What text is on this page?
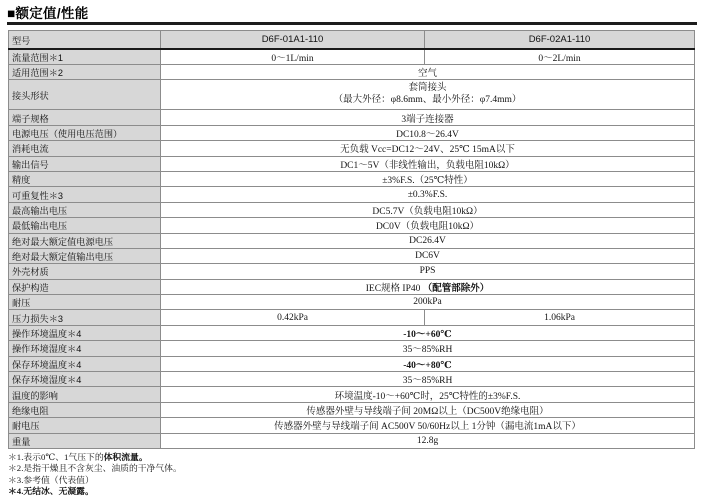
■额定值/性能
型号	D6F-01A1-110	D6F-02A1-110
流量范围＊1	0～1L/min	0～2L/min
适用范围＊2	空气	
接头形状	套筒接头
（最大外径：φ8.6mm、最小外径：φ7.4mm）	

端子规格	3端子连接器	
电源电压（使用电压范围）	DC10.8～26.4V	
消耗电流	无负载 Vcc=DC12～24V、25℃ 15mA以下	
输出信号	DC1～5V（非线性输出，负载电阻10kΩ）	
精度	±3%F.S.（25℃特性）	
可重复性＊3	±0.3%F.S.	
最高输出电压	DC5.7V（负载电阻10kΩ）	
最低输出电压	DC0V（负载电阻10kΩ）	
绝对最大额定值电源电压	DC26.4V	
绝对最大额定值输出电压	DC6V	
外壳材质	PPS	
保护构造	IEC规格 IP40 （配管部除外）	
耐压	200kPa	
压力损失＊3	0.42kPa	1.06kPa
操作环境温度＊4	-10～+60℃	
操作环境湿度＊4	35～85%RH	
保存环境温度＊4	-40～+80℃	
保存环境湿度＊4	35～85%RH	
温度的影响	环境温度-10～+60℃时，25℃特性的±3%F.S.	
绝缘电阻	传感器外壁与导线端子间 20MΩ以上（DC500V绝缘电阻）	
耐电压	传感器外壁与导线端子间 AC500V 50/60Hz以上 1分钟（漏电流1mA以下）	
重量	12.8g	
＊1.表示0℃、1气压下的体积流量。
＊2.是指干燥且不含灰尘、油质的干净气体。
＊3.参考值（代表值）
＊4.无结冰、无凝露。
